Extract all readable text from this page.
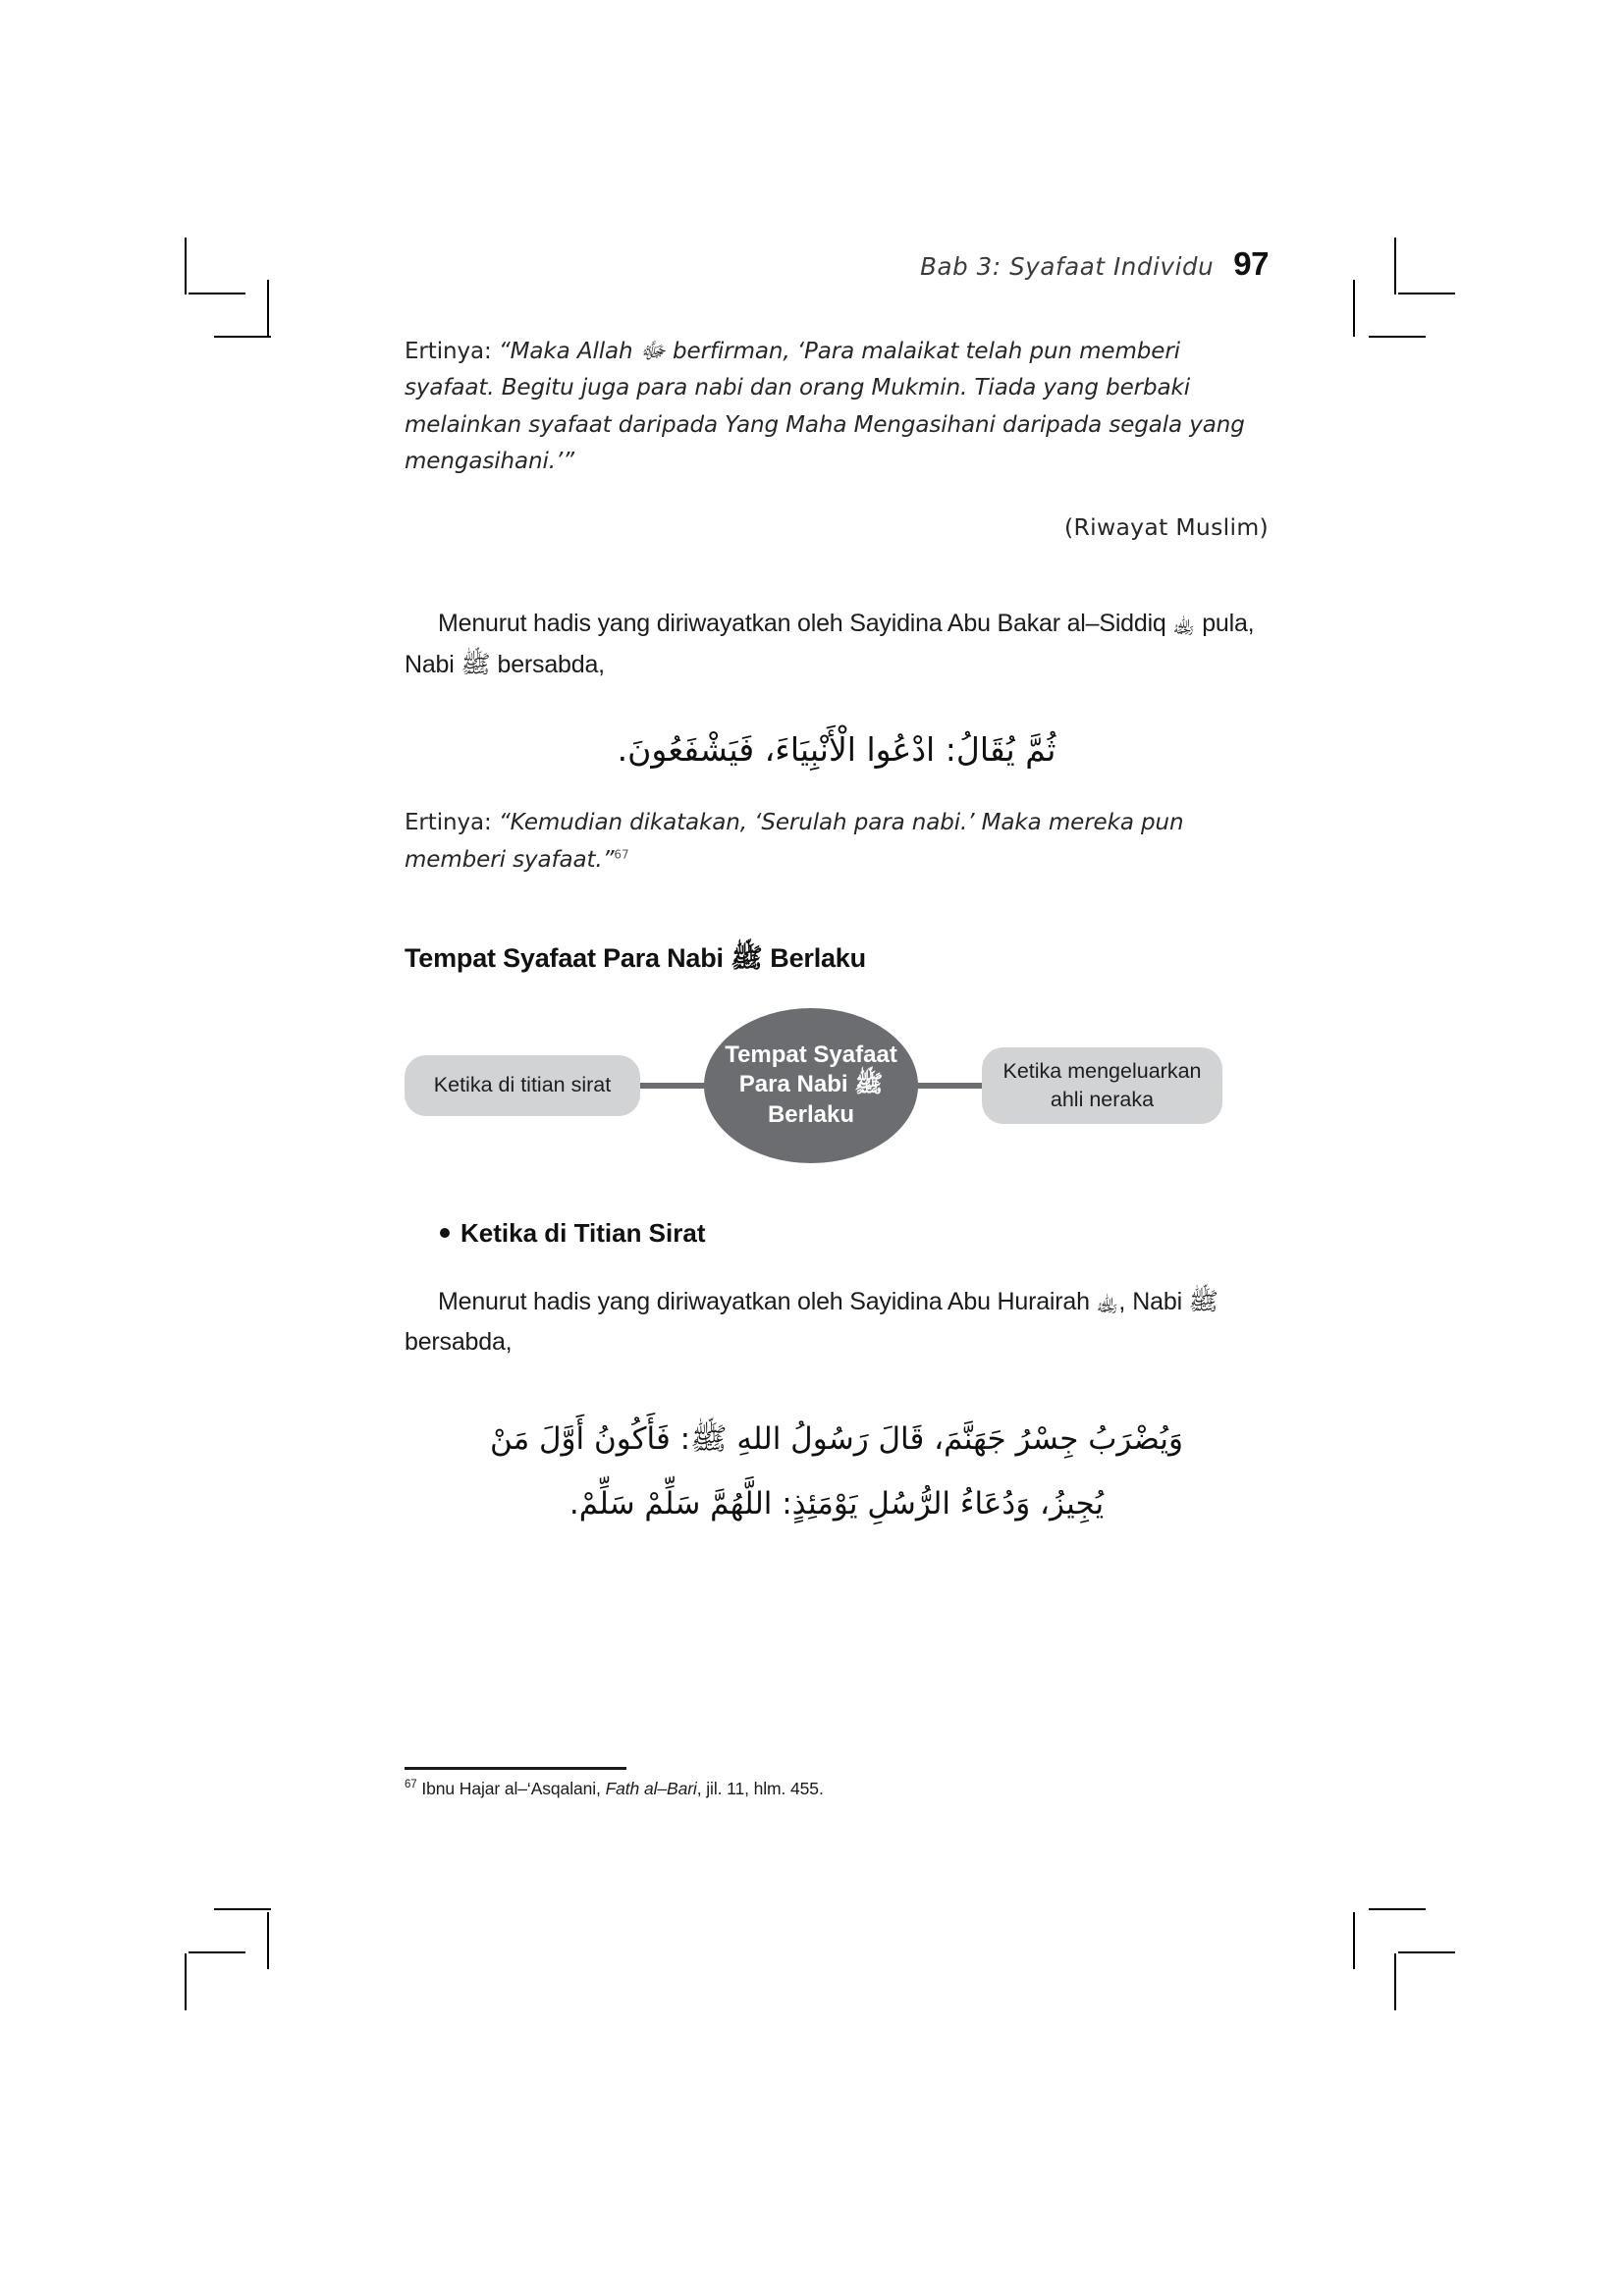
Bab 3: Syafaat Individu 97
Ertinya: “Maka Allah ﷻ berfirman, ‘Para malaikat telah pun memberi syafaat. Begitu juga para nabi dan orang Mukmin. Tiada yang berbaki melainkan syafaat daripada Yang Maha Mengasihani daripada segala yang mengasihani.’”
(Riwayat Muslim)
Menurut hadis yang diriwayatkan oleh Sayidina Abu Bakar al–Siddiq ﵀ pula, Nabi ﷺ bersabda,
ثُمَّ يُقَالُ: ادْعُوا الْأَنْبِيَاءَ، فَيَشْفَعُونَ.
Ertinya: “Kemudian dikatakan, ‘Serulah para nabi.’ Maka mereka pun memberi syafaat.”$^{67}$
Tempat Syafaat Para Nabi ﷺ Berlaku
Ketika di titian sirat
Tempat Syafaat
Para Nabi ﷺ
Berlaku
Ketika mengeluarkan
ahli neraka
Ketika di Titian Sirat
Menurut hadis yang diriwayatkan oleh Sayidina Abu Hurairah ﵀, Nabi ﷺ bersabda,
وَيُضْرَبُ جِسْرُ جَهَنَّمَ، قَالَ رَسُولُ اللهِ ﷺ: فَأَكُونُ أَوَّلَ مَنْ
يُجِيزُ، وَدُعَاءُ الرُّسُلِ يَوْمَئِذٍ: اللَّهُمَّ سَلِّمْ سَلِّمْ.
$^{67}$ Ibnu Hajar al–‘Asqalani, Fath al–Bari, jil. 11, hlm. 455.
